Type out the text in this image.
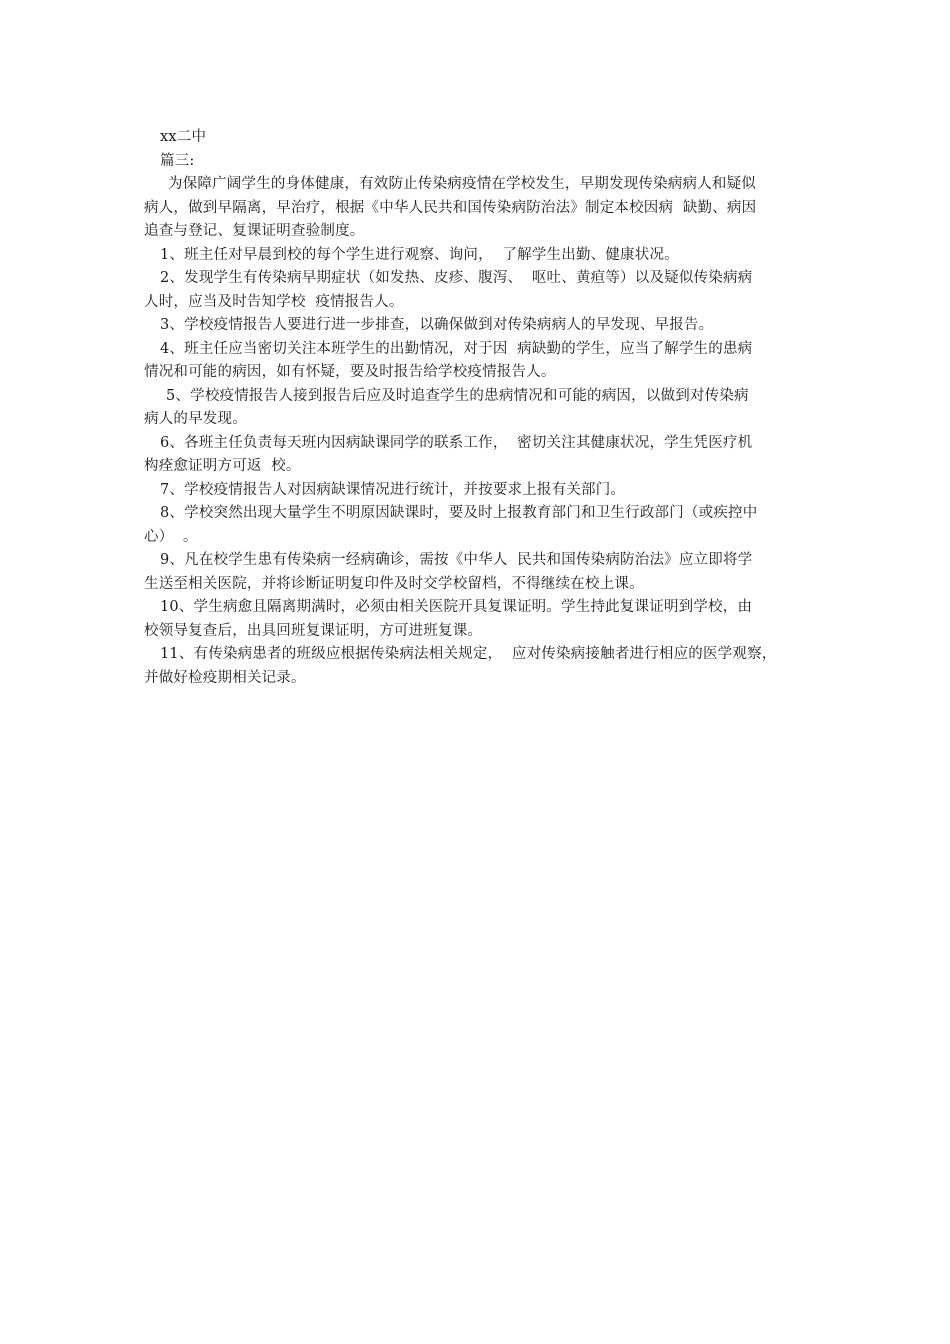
xx二中
篇三:
为保障广阔学生的身体健康，有效防止传染病疫情在学校发生，早期发现传染病病人和疑似
病人，做到早隔离，早治疗，根据《中华人民共和国传染病防治法》制定本校因病  缺勤、病因
追查与登记、复课证明查验制度。
1、班主任对早晨到校的每个学生进行观察、询问，  了解学生出勤、健康状况。
2、发现学生有传染病早期症状（如发热、皮疹、腹泻、  呕吐、黄疸等）以及疑似传染病病
人时，应当及时告知学校  疫情报告人。
3、学校疫情报告人要进行进一步排查，以确保做到对传染病病人的早发现、早报告。
4、班主任应当密切关注本班学生的出勤情况，对于因  病缺勤的学生，应当了解学生的患病
情况和可能的病因，如有怀疑，要及时报告给学校疫情报告人。
5、学校疫情报告人接到报告后应及时追查学生的患病情况和可能的病因，以做到对传染病
病人的早发现。
6、各班主任负责每天班内因病缺课同学的联系工作，  密切关注其健康状况，学生凭医疗机
构痊愈证明方可返  校。
7、学校疫情报告人对因病缺课情况进行统计，并按要求上报有关部门。
8、学校突然出现大量学生不明原因缺课时，要及时上报教育部门和卫生行政部门（或疾控中
心）  。
9、凡在校学生患有传染病一经病确诊，需按《中华人  民共和国传染病防治法》应立即将学
生送至相关医院，并将诊断证明复印件及时交学校留档，不得继续在校上课。
10、学生病愈且隔离期满时，必须由相关医院开具复课证明。学生持此复课证明到学校，由
校领导复查后，出具回班复课证明，方可进班复课。
11、有传染病患者的班级应根据传染病法相关规定，  应对传染病接触者进行相应的医学观察，
并做好检疫期相关记录。
